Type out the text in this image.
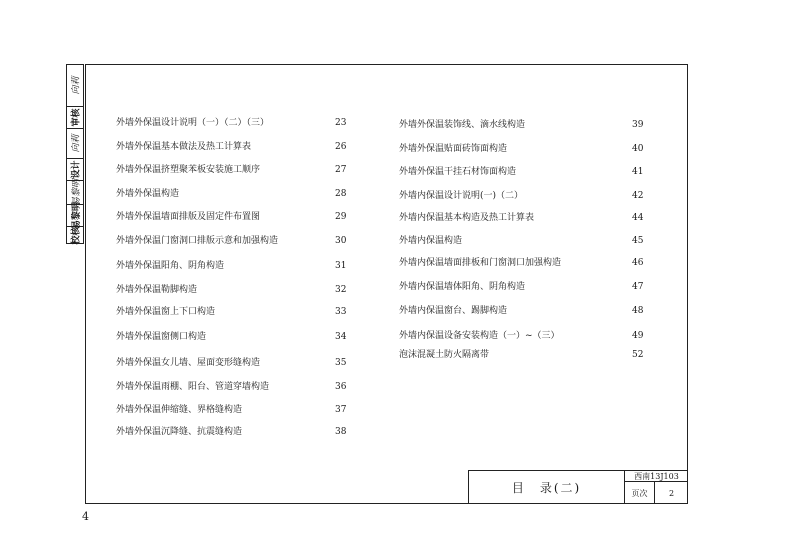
向莉
审核
向莉
设计
易黎明
易黎明
校核
外墙外保温设计说明（一）（二）（三）	23
外墙外保温基本做法及热工计算表	26
外墙外保温挤塑聚苯板安装施工顺序	27
外墙外保温构造	28
外墙外保温墙面排版及固定件布置图	29
外墙外保温门窗洞口排版示意和加强构造	30
外墙外保温阳角、阴角构造	31
外墙外保温勒脚构造	32
外墙外保温窗上下口构造	33
外墙外保温窗侧口构造	34
外墙外保温女儿墙、屋面变形缝构造	35
外墙外保温雨棚、阳台、管道穿墙构造	36
外墙外保温伸缩缝、界格缝构造	37
外墙外保温沉降缝、抗震缝构造	38
外墙外保温装饰线、滴水线构造	39
外墙外保温贴面砖饰面构造	40
外墙外保温干挂石材饰面构造	41
外墙内保温设计说明(一)（二）	42
外墙内保温基本构造及热工计算表	44
外墙内保温构造	45
外墙内保温墙面排板和门窗洞口加强构造	46
外墙内保温墙体阳角、阴角构造	47
外墙内保温窗台、踢脚构造	48
外墙内保温设备安装构造（一）~（三）	49
泡沫混凝土防火隔离带	52
目　录(二)
西南13J103
页次	2
4
